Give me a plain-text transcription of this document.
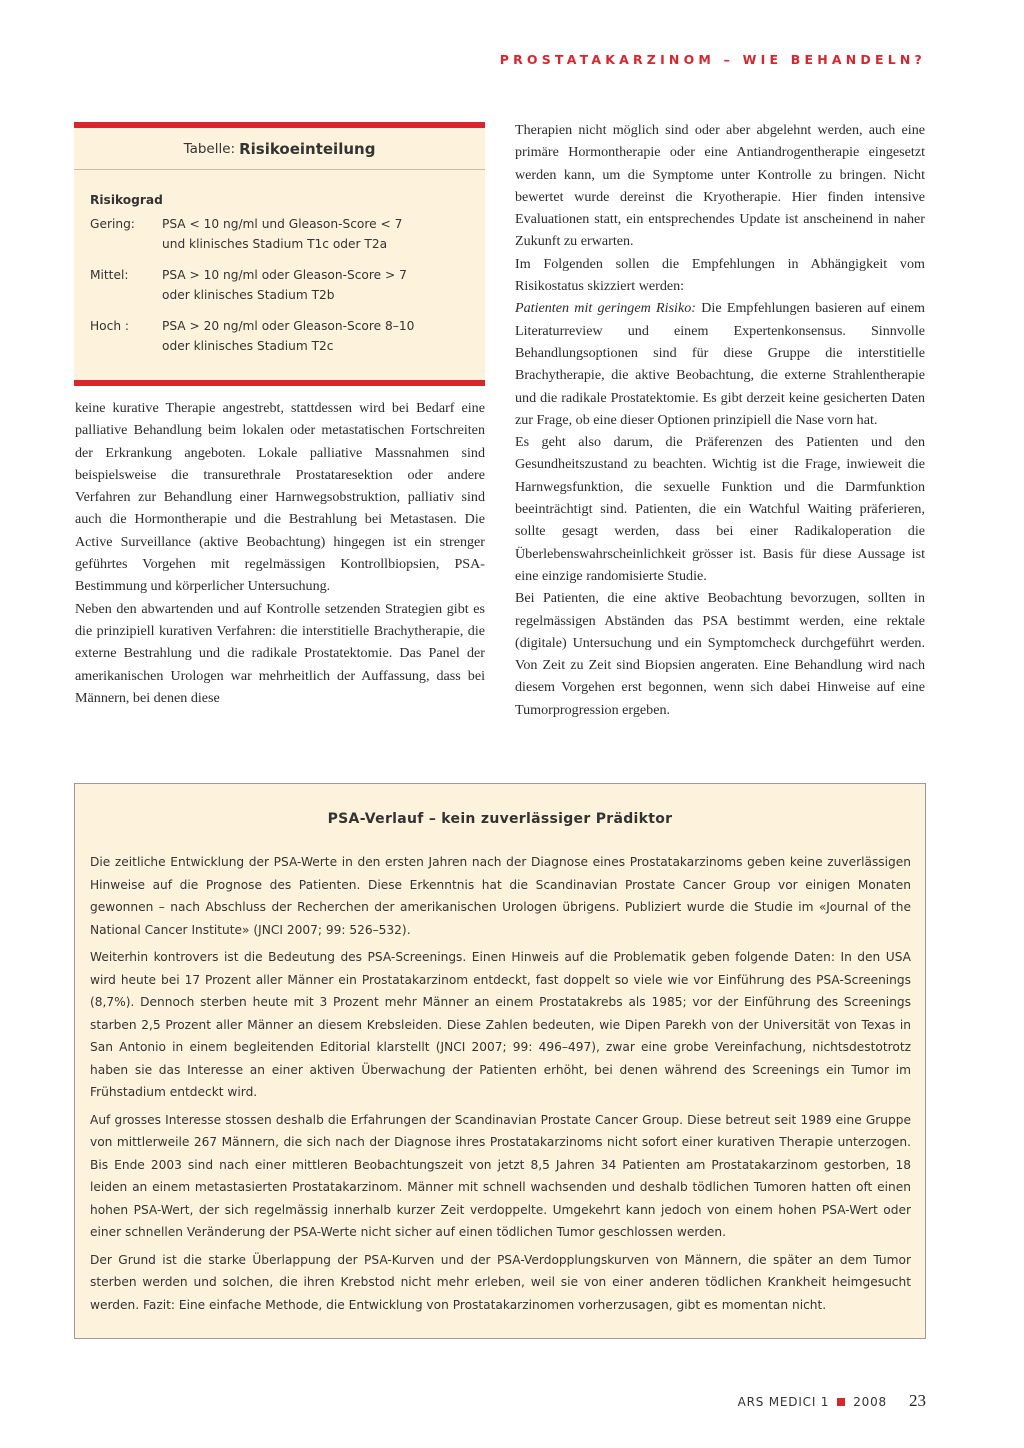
PROSTATAKARZINOM – WIE BEHANDELN?
Tabelle: Risikoeinteilung
Risikograd
Gering:	PSA < 10 ng/ml und Gleason-Score < 7
und klinisches Stadium T1c oder T2a
Mittel:	PSA > 10 ng/ml oder Gleason-Score > 7
oder klinisches Stadium T2b
Hoch :	PSA > 20 ng/ml oder Gleason-Score 8–10
oder klinisches Stadium T2c

keine kurative Therapie angestrebt, stattdessen wird bei Bedarf eine palliative Behandlung beim lokalen oder metastatischen Fortschreiten der Erkrankung angeboten. Lokale palliative Massnahmen sind beispielsweise die transurethrale Prostataresektion oder andere Verfahren zur Behandlung einer Harnwegsobstruktion, palliativ sind auch die Hormontherapie und die Bestrahlung bei Metastasen. Die Active Surveillance (aktive Beobachtung) hingegen ist ein strenger geführtes Vorgehen mit regelmässigen Kontrollbiopsien, PSA-Bestimmung und körperlicher Untersuchung.

Neben den abwartenden und auf Kontrolle setzenden Strategien gibt es die prinzipiell kurativen Verfahren: die interstitielle Brachytherapie, die externe Bestrahlung und die radikale Prostatektomie. Das Panel der amerikanischen Urologen war mehrheitlich der Auffassung, dass bei Männern, bei denen diese

Therapien nicht möglich sind oder aber abgelehnt werden, auch eine primäre Hormontherapie oder eine Antiandrogentherapie eingesetzt werden kann, um die Symptome unter Kontrolle zu bringen. Nicht bewertet wurde dereinst die Kryotherapie. Hier finden intensive Evaluationen statt, ein entsprechendes Update ist anscheinend in naher Zukunft zu erwarten.

Im Folgenden sollen die Empfehlungen in Abhängigkeit vom Risikostatus skizziert werden:

Patienten mit geringem Risiko: Die Empfehlungen basieren auf einem Literaturreview und einem Expertenkonsensus. Sinnvolle Behandlungsoptionen sind für diese Gruppe die interstitielle Brachytherapie, die aktive Beobachtung, die externe Strahlentherapie und die radikale Prostatektomie. Es gibt derzeit keine gesicherten Daten zur Frage, ob eine dieser Optionen prinzipiell die Nase vorn hat.

Es geht also darum, die Präferenzen des Patienten und den Gesundheitszustand zu beachten. Wichtig ist die Frage, inwieweit die Harnwegsfunktion, die sexuelle Funktion und die Darmfunktion beeinträchtigt sind. Patienten, die ein Watchful Waiting präferieren, sollte gesagt werden, dass bei einer Radikaloperation die Überlebenswahrscheinlichkeit grösser ist. Basis für diese Aussage ist eine einzige randomisierte Studie.

Bei Patienten, die eine aktive Beobachtung bevorzugen, sollten in regelmässigen Abständen das PSA bestimmt werden, eine rektale (digitale) Untersuchung und ein Symptomcheck durchgeführt werden. Von Zeit zu Zeit sind Biopsien angeraten. Eine Behandlung wird nach diesem Vorgehen erst begonnen, wenn sich dabei Hinweise auf eine Tumorprogression ergeben.

PSA-Verlauf – kein zuverlässiger Prädiktor

Die zeitliche Entwicklung der PSA-Werte in den ersten Jahren nach der Diagnose eines Prostatakarzinoms geben keine zuverlässigen Hinweise auf die Prognose des Patienten. Diese Erkenntnis hat die Scandinavian Prostate Cancer Group vor einigen Monaten gewonnen – nach Abschluss der Recherchen der amerikanischen Urologen übrigens. Publiziert wurde die Studie im «Journal of the National Cancer Institute» (JNCI 2007; 99: 526–532).

Weiterhin kontrovers ist die Bedeutung des PSA-Screenings. Einen Hinweis auf die Problematik geben folgende Daten: In den USA wird heute bei 17 Prozent aller Männer ein Prostatakarzinom entdeckt, fast doppelt so viele wie vor Einführung des PSA-Screenings (8,7%). Dennoch sterben heute mit 3 Prozent mehr Männer an einem Prostatakrebs als 1985; vor der Einführung des Screenings starben 2,5 Prozent aller Männer an diesem Krebsleiden. Diese Zahlen bedeuten, wie Dipen Parekh von der Universität von Texas in San Antonio in einem begleitenden Editorial klarstellt (JNCI 2007; 99: 496–497), zwar eine grobe Vereinfachung, nichtsdestotrotz haben sie das Interesse an einer aktiven Überwachung der Patienten erhöht, bei denen während des Screenings ein Tumor im Frühstadium entdeckt wird.

Auf grosses Interesse stossen deshalb die Erfahrungen der Scandinavian Prostate Cancer Group. Diese betreut seit 1989 eine Gruppe von mittlerweile 267 Männern, die sich nach der Diagnose ihres Prostatakarzinoms nicht sofort einer kurativen Therapie unterzogen. Bis Ende 2003 sind nach einer mittleren Beobachtungszeit von jetzt 8,5 Jahren 34 Patienten am Prostatakarzinom gestorben, 18 leiden an einem metastasierten Prostatakarzinom. Männer mit schnell wachsenden und deshalb tödlichen Tumoren hatten oft einen hohen PSA-Wert, der sich regelmässig innerhalb kurzer Zeit verdoppelte. Umgekehrt kann jedoch von einem hohen PSA-Wert oder einer schnellen Veränderung der PSA-Werte nicht sicher auf einen tödlichen Tumor geschlossen werden.

Der Grund ist die starke Überlappung der PSA-Kurven und der PSA-Verdopplungskurven von Männern, die später an dem Tumor sterben werden und solchen, die ihren Krebstod nicht mehr erleben, weil sie von einer anderen tödlichen Krankheit heimgesucht werden. Fazit: Eine einfache Methode, die Entwicklung von Prostatakarzinomen vorherzusagen, gibt es momentan nicht.

ARS MEDICI 1 2008 23
